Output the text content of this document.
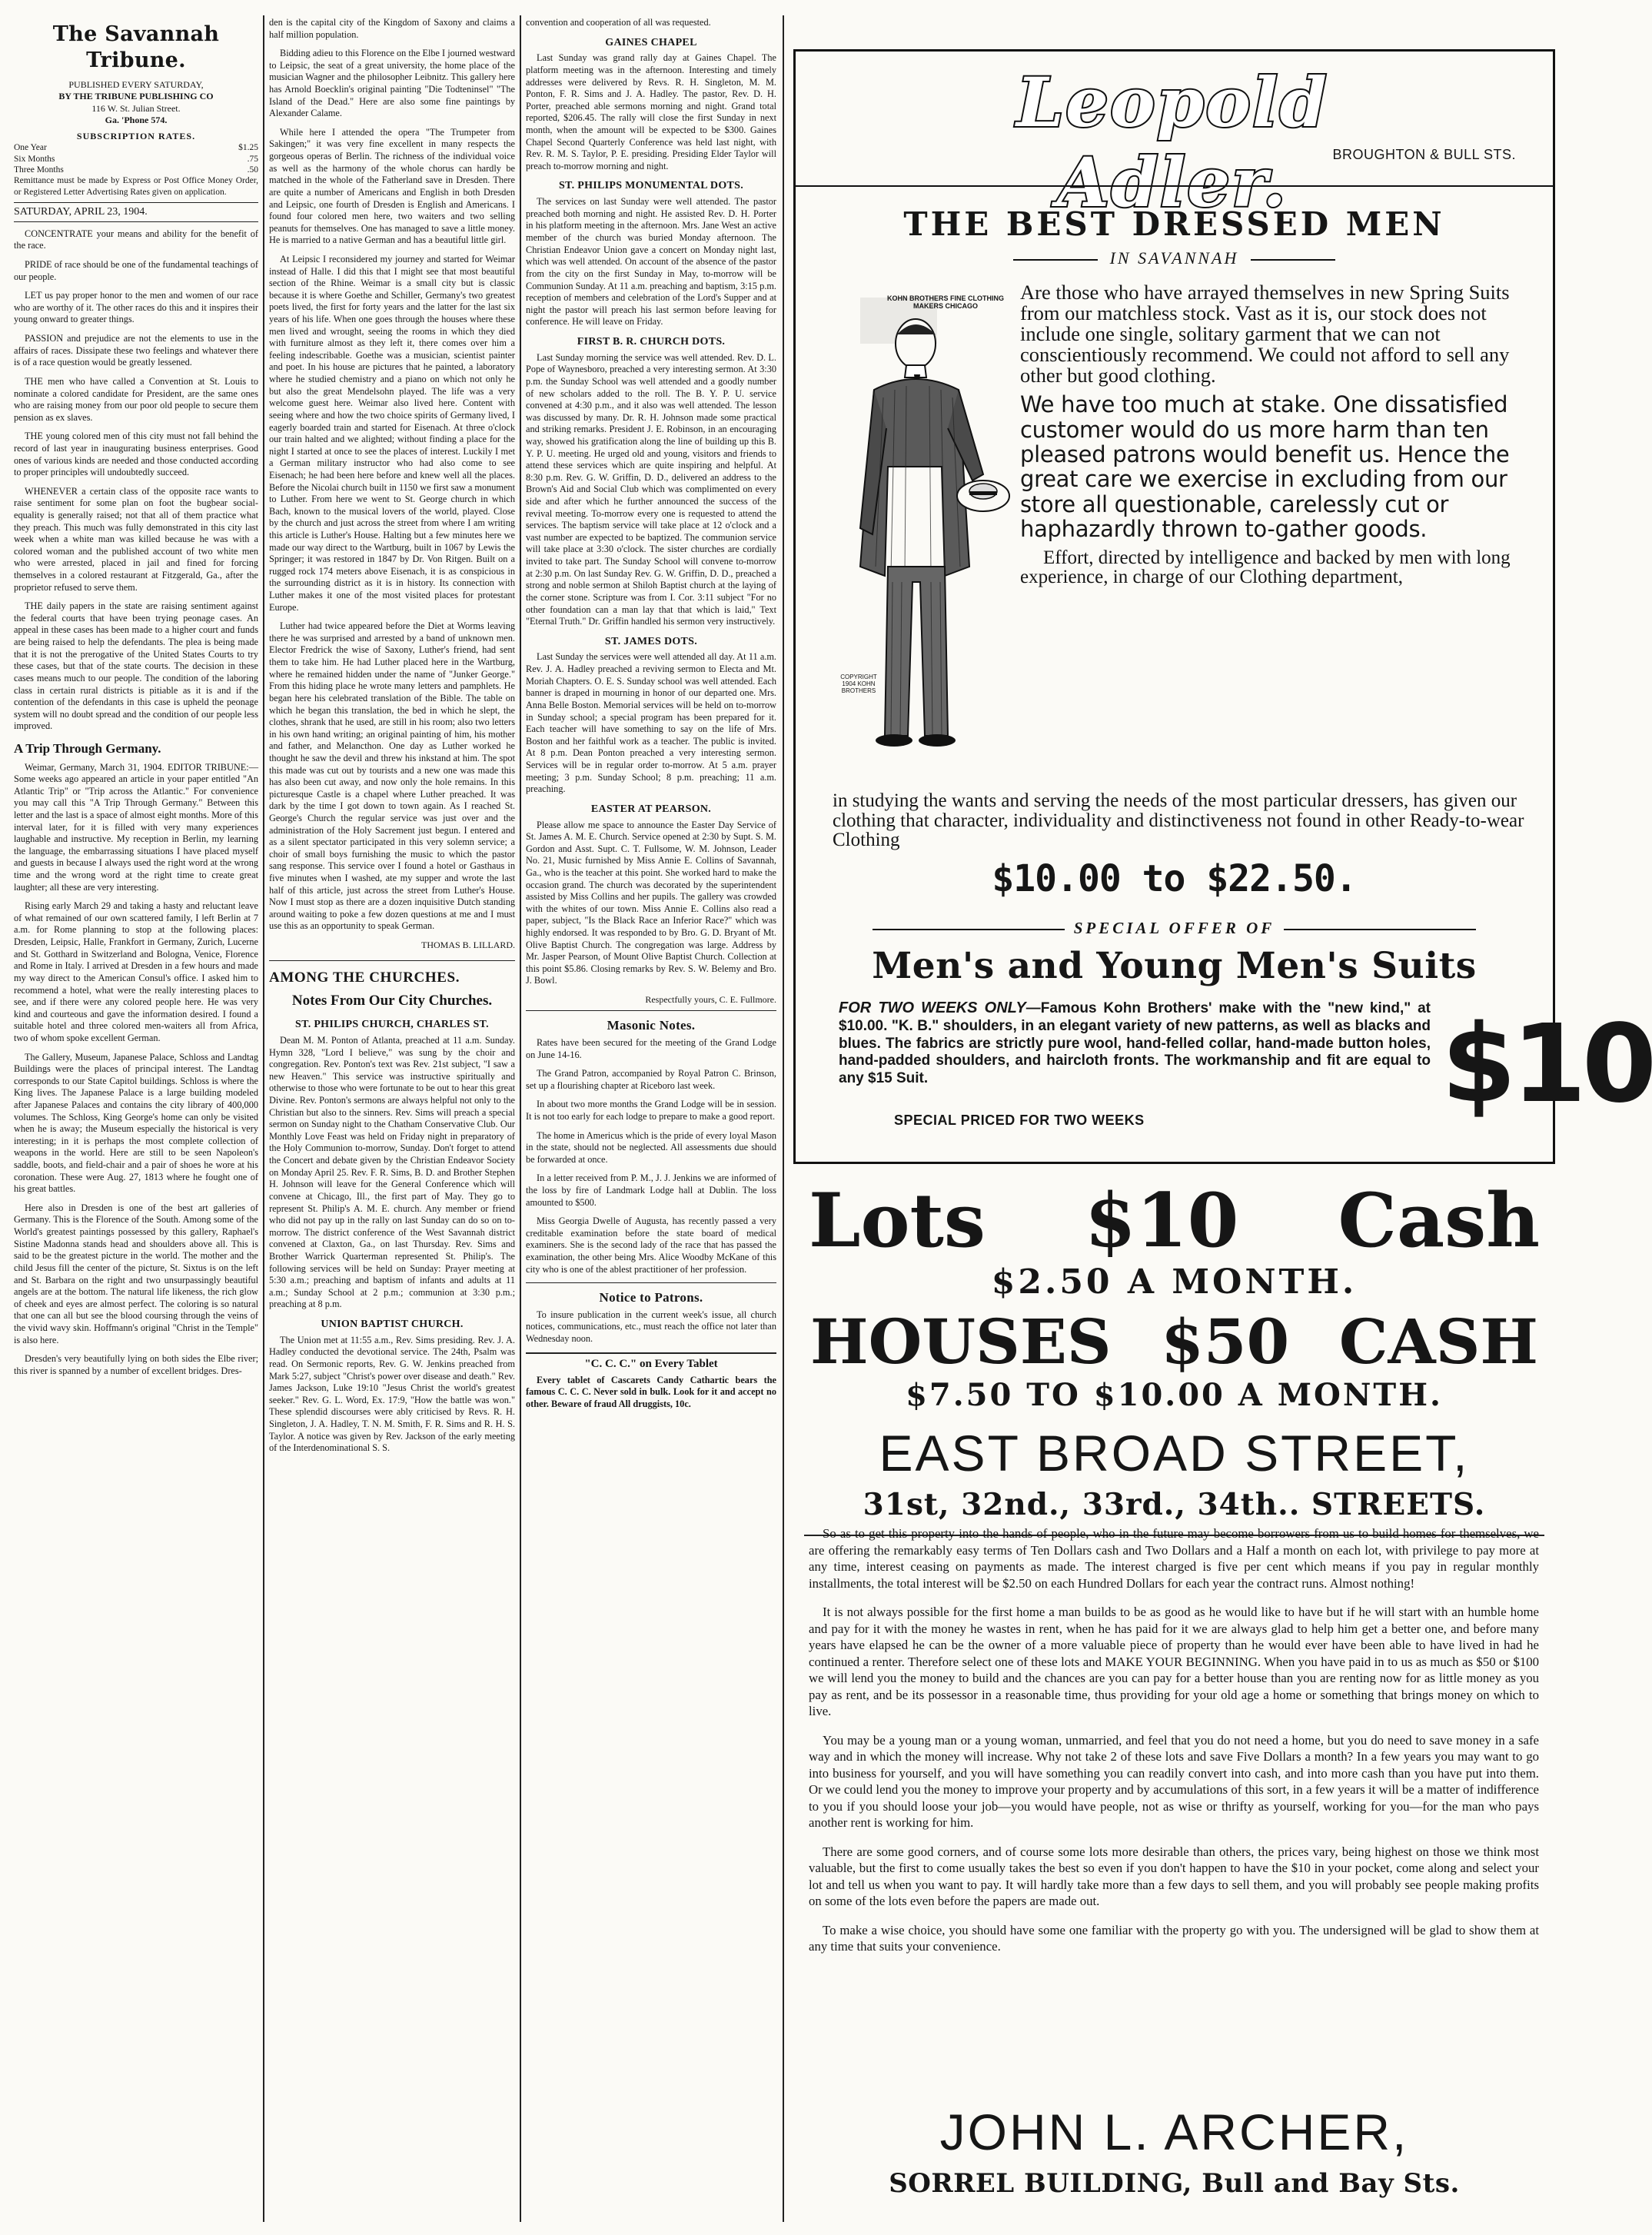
The Savannah Tribune.
PUBLISHED EVERY SATURDAY,
BY THE TRIBUNE PUBLISHING CO
116 W. St. Julian Street.
Ga. 'Phone 574.
SUBSCRIPTION RATES.
One Year	$1.25
Six Months	.75
Three Months	.50
Remittance must be made by Express or Post Office Money Order, or Registered Letter Advertising Rates given on application.
SATURDAY, APRIL 23, 1904.

CONCENTRATE your means and ability for the benefit of the race.

PRIDE of race should be one of the fundamental teachings of our people.

LET us pay proper honor to the men and women of our race who are worthy of it. The other races do this and it inspires their young onward to greater things.

PASSION and prejudice are not the elements to use in the affairs of races. Dissipate these two feelings and whatever there is of a race question would be greatly lessened.

THE men who have called a Convention at St. Louis to nominate a colored candidate for President, are the same ones who are raising money from our poor old people to secure them pension as ex slaves.

THE young colored men of this city must not fall behind the record of last year in inaugurating business enterprises. Good ones of various kinds are needed and those conducted according to proper principles will undoubtedly succeed.

WHENEVER a certain class of the opposite race wants to raise sentiment for some plan on foot the bugbear social-equality is generally raised; not that all of them practice what they preach. This much was fully demonstrated in this city last week when a white man was killed because he was with a colored woman and the published account of two white men who were arrested, placed in jail and fined for forcing themselves in a colored restaurant at Fitzgerald, Ga., after the proprietor refused to serve them.

THE daily papers in the state are raising sentiment against the federal courts that have been trying peonage cases. An appeal in these cases has been made to a higher court and funds are being raised to help the defendants. The plea is being made that it is not the prerogative of the United States Courts to try these cases, but that of the state courts. The decision in these cases means much to our people. The condition of the laboring class in certain rural districts is pitiable as it is and if the contention of the defendants in this case is upheld the peonage system will no doubt spread and the condition of our people less improved.

A Trip Through Germany.

Weimar, Germany, March 31, 1904. EDITOR TRIBUNE:—Some weeks ago appeared an article in your paper entitled "An Atlantic Trip" or "Trip across the Atlantic." For convenience you may call this "A Trip Through Germany." Between this letter and the last is a space of almost eight months. More of this interval later, for it is filled with very many experiences laughable and instructive. My reception in Berlin, my learning the language, the embarrassing situations I have placed myself and guests in because I always used the right word at the wrong time and the wrong word at the right time to create great laughter; all these are very interesting.

Rising early March 29 and taking a hasty and reluctant leave of what remained of our own scattered family, I left Berlin at 7 a.m. for Rome planning to stop at the following places: Dresden, Leipsic, Halle, Frankfort in Germany, Zurich, Lucerne and St. Gotthard in Switzerland and Bologna, Venice, Florence and Rome in Italy. I arrived at Dresden in a few hours and made my way direct to the American Consul's office. I asked him to recommend a hotel, what were the really interesting places to see, and if there were any colored people here. He was very kind and courteous and gave the information desired. I found a suitable hotel and three colored men-waiters all from Africa, two of whom spoke excellent German.

The Gallery, Museum, Japanese Palace, Schloss and Landtag Buildings were the places of principal interest. The Landtag corresponds to our State Capitol buildings. Schloss is where the King lives. The Japanese Palace is a large building modeled after Japanese Palaces and contains the city library of 400,000 volumes. The Schloss, King George's home can only be visited when he is away; the Museum especially the historical is very interesting; in it is perhaps the most complete collection of weapons in the world. Here are still to be seen Napoleon's saddle, boots, and field-chair and a pair of shoes he wore at his coronation. These were Aug. 27, 1813 where he fought one of his great battles.

Here also in Dresden is one of the best art galleries of Germany. This is the Florence of the South. Among some of the World's greatest paintings possessed by this gallery, Raphael's Sistine Madonna stands head and shoulders above all. This is said to be the greatest picture in the world. The mother and the child Jesus fill the center of the picture, St. Sixtus is on the left and St. Barbara on the right and two unsurpassingly beautiful angels are at the bottom. The natural life likeness, the rich glow of cheek and eyes are almost perfect. The coloring is so natural that one can all but see the blood coursing through the veins of the vivid wavy skin. Hoffmann's original "Christ in the Temple" is also here.

Dresden's very beautifully lying on both sides the Elbe river; this river is spanned by a number of excellent bridges. Dres-

den is the capital city of the Kingdom of Saxony and claims a half million population.

Bidding adieu to this Florence on the Elbe I journed westward to Leipsic, the seat of a great university, the home place of the musician Wagner and the philosopher Leibnitz. This gallery here has Arnold Boecklin's original painting "Die Todteninsel" "The Island of the Dead." Here are also some fine paintings by Alexander Calame.

While here I attended the opera "The Trumpeter from Sakingen;" it was very fine excellent in many respects the gorgeous operas of Berlin. The richness of the individual voice as well as the harmony of the whole chorus can hardly be matched in the whole of the Fatherland save in Dresden. There are quite a number of Americans and English in both Dresden and Leipsic, one fourth of Dresden is English and Americans. I found four colored men here, two waiters and two selling peanuts for themselves. One has managed to save a little money. He is married to a native German and has a beautiful little girl.

At Leipsic I reconsidered my journey and started for Weimar instead of Halle. I did this that I might see that most beautiful section of the Rhine. Weimar is a small city but is classic because it is where Goethe and Schiller, Germany's two greatest poets lived, the first for forty years and the latter for the last six years of his life. When one goes through the houses where these men lived and wrought, seeing the rooms in which they died with furniture almost as they left it, there comes over him a feeling indescribable. Goethe was a musician, scientist painter and poet. In his house are pictures that he painted, a laboratory where he studied chemistry and a piano on which not only he but also the great Mendelsohn played. The life was a very welcome guest here. Weimar also lived here. Content with seeing where and how the two choice spirits of Germany lived, I eagerly boarded train and started for Eisenach. At three o'clock our train halted and we alighted; without finding a place for the night I started at once to see the places of interest. Luckily I met a German military instructor who had also come to see Eisenach; he had been here before and knew well all the places. Before the Nicolai church built in 1150 we first saw a monument to Luther. From here we went to St. George church in which Bach, known to the musical lovers of the world, played. Close by the church and just across the street from where I am writing this article is Luther's House. Halting but a few minutes here we made our way direct to the Wartburg, built in 1067 by Lewis the Springer; it was restored in 1847 by Dr. Von Ritgen. Built on a rugged rock 174 meters above Eisenach, it is as conspicious in the surrounding district as it is in history. Its connection with Luther makes it one of the most visited places for protestant Europe.

Luther had twice appeared before the Diet at Worms leaving there he was surprised and arrested by a band of unknown men. Elector Fredrick the wise of Saxony, Luther's friend, had sent them to take him. He had Luther placed here in the Wartburg, where he remained hidden under the name of "Junker George." From this hiding place he wrote many letters and pamphlets. He began here his celebrated translation of the Bible. The table on which he began this translation, the bed in which he slept, the clothes, shrank that he used, are still in his room; also two letters in his own hand writing; an original painting of him, his mother and father, and Melancthon. One day as Luther worked he thought he saw the devil and threw his inkstand at him. The spot this made was cut out by tourists and a new one was made this has also been cut away, and now only the hole remains. In this picturesque Castle is a chapel where Luther preached. It was dark by the time I got down to town again. As I reached St. George's Church the regular service was just over and the administration of the Holy Sacrement just begun. I entered and as a silent spectator participated in this very solemn service; a choir of small boys furnishing the music to which the pastor sang response. This service over I found a hotel or Gasthaus in five minutes when I washed, ate my supper and wrote the last half of this article, just across the street from Luther's House. Now I must stop as there are a dozen inquisitive Dutch standing around waiting to poke a few dozen questions at me and I must use this as an opportunity to speak German.

THOMAS B. LILLARD.
AMONG THE CHURCHES.
Notes From Our City Churches.
ST. PHILIPS CHURCH, CHARLES ST.

Dean M. M. Ponton of Atlanta, preached at 11 a.m. Sunday. Hymn 328, "Lord I believe," was sung by the choir and congregation. Rev. Ponton's text was Rev. 21st subject, "I saw a new Heaven." This service was instructive spiritually and otherwise to those who were fortunate to be out to hear this great Divine. Rev. Ponton's sermons are always helpful not only to the Christian but also to the sinners. Rev. Sims will preach a special sermon on Sunday night to the Chatham Conservative Club. Our Monthly Love Feast was held on Friday night in preparatory of the Holy Communion to-morrow, Sunday. Don't forget to attend the Concert and debate given by the Christian Endeavor Society on Monday April 25. Rev. F. R. Sims, B. D. and Brother Stephen H. Johnson will leave for the General Conference which will convene at Chicago, Ill., the first part of May. They go to represent St. Philip's A. M. E. church. Any member or friend who did not pay up in the rally on last Sunday can do so on to-morrow. The district conference of the West Savannah district convened at Claxton, Ga., on last Thursday. Rev. Sims and Brother Warrick Quarterman represented St. Philip's. The following services will be held on Sunday: Prayer meeting at 5:30 a.m.; preaching and baptism of infants and adults at 11 a.m.; Sunday School at 2 p.m.; communion at 3:30 p.m.; preaching at 8 p.m.

UNION BAPTIST CHURCH.

The Union met at 11:55 a.m., Rev. Sims presiding. Rev. J. A. Hadley conducted the devotional service. The 24th, Psalm was read. On Sermonic reports, Rev. G. W. Jenkins preached from Mark 5:27, subject "Christ's power over disease and death." Rev. James Jackson, Luke 19:10 "Jesus Christ the world's greatest seeker." Rev. G. L. Word, Ex. 17:9, "How the battle was won." These splendid discourses were ably criticised by Revs. R. H. Singleton, J. A. Hadley, T. N. M. Smith, F. R. Sims and R. H. S. Taylor. A notice was given by Rev. Jackson of the early meeting of the Interdenominational S. S.

convention and cooperation of all was requested.

GAINES CHAPEL

Last Sunday was grand rally day at Gaines Chapel. The platform meeting was in the afternoon. Interesting and timely addresses were delivered by Revs. R. H. Singleton, M. M. Ponton, F. R. Sims and J. A. Hadley. The pastor, Rev. D. H. Porter, preached able sermons morning and night. Grand total reported, $206.45. The rally will close the first Sunday in next month, when the amount will be expected to be $300. Gaines Chapel Second Quarterly Conference was held last night, with Rev. R. M. S. Taylor, P. E. presiding. Presiding Elder Taylor will preach to-morrow morning and night.

ST. PHILIPS MONUMENTAL DOTS.

The services on last Sunday were well attended. The pastor preached both morning and night. He assisted Rev. D. H. Porter in his platform meeting in the afternoon. Mrs. Jane West an active member of the church was buried Monday afternoon. The Christian Endeavor Union gave a concert on Monday night last, which was well attended. On account of the absence of the pastor from the city on the first Sunday in May, to-morrow will be Communion Sunday. At 11 a.m. preaching and baptism, 3:15 p.m. reception of members and celebration of the Lord's Supper and at night the pastor will preach his last sermon before leaving for conference. He will leave on Friday.

FIRST B. R. CHURCH DOTS.

Last Sunday morning the service was well attended. Rev. D. L. Pope of Waynesboro, preached a very interesting sermon. At 3:30 p.m. the Sunday School was well attended and a goodly number of new scholars added to the roll. The B. Y. P. U. service convened at 4:30 p.m., and it also was well attended. The lesson was discussed by many. Dr. R. H. Johnson made some practical and striking remarks. President J. E. Robinson, in an encouraging way, showed his gratification along the line of building up this B. Y. P. U. meeting. He urged old and young, visitors and friends to attend these services which are quite inspiring and helpful. At 8:30 p.m. Rev. G. W. Griffin, D. D., delivered an address to the Brown's Aid and Social Club which was complimented on every side and after which he further announced the success of the revival meeting. To-morrow every one is requested to attend the services. The baptism service will take place at 12 o'clock and a vast number are expected to be baptized. The communion service will take place at 3:30 o'clock. The sister churches are cordially invited to take part. The Sunday School will convene to-morrow at 2:30 p.m. On last Sunday Rev. G. W. Griffin, D. D., preached a strong and noble sermon at Shiloh Baptist church at the laying of the corner stone. Scripture was from I. Cor. 3:11 subject "For no other foundation can a man lay that that which is laid," Text "Eternal Truth." Dr. Griffin handled his sermon very instructively.

ST. JAMES DOTS.

Last Sunday the services were well attended all day. At 11 a.m. Rev. J. A. Hadley preached a reviving sermon to Electa and Mt. Moriah Chapters. O. E. S. Sunday school was well attended. Each banner is draped in mourning in honor of our departed one. Mrs. Anna Belle Boston. Memorial services will be held on to-morrow in Sunday school; a special program has been prepared for it. Each teacher will have something to say on the life of Mrs. Boston and her faithful work as a teacher. The public is invited. At 8 p.m. Dean Ponton preached a very interesting sermon. Services will be in regular order to-morrow. At 5 a.m. prayer meeting; 3 p.m. Sunday School; 8 p.m. preaching; 11 a.m. preaching.

EASTER AT PEARSON.

Please allow me space to announce the Easter Day Service of St. James A. M. E. Church. Service opened at 2:30 by Supt. S. M. Gordon and Asst. Supt. C. T. Fullsome, W. M. Johnson, Leader No. 21, Music furnished by Miss Annie E. Collins of Savannah, Ga., who is the teacher at this point. She worked hard to make the occasion grand. The church was decorated by the superintendent assisted by Miss Collins and her pupils. The gallery was crowded with the whites of our town. Miss Annie E. Collins also read a paper, subject, "Is the Black Race an Inferior Race?" which was highly endorsed. It was responded to by Bro. G. D. Bryant of Mt. Olive Baptist Church. The congregation was large. Address by Mr. Jasper Pearson, of Mount Olive Baptist Church. Collection at this point $5.86. Closing remarks by Rev. S. W. Belemy and Bro. J. Bowl.

Respectfully yours, C. E. Fullmore.
Masonic Notes.

Rates have been secured for the meeting of the Grand Lodge on June 14-16.

The Grand Patron, accompanied by Royal Patron C. Brinson, set up a flourishing chapter at Riceboro last week.

In about two more months the Grand Lodge will be in session. It is not too early for each lodge to prepare to make a good report.

The home in Americus which is the pride of every loyal Mason in the state, should not be neglected. All assessments due should be forwarded at once.

In a letter received from P. M., J. J. Jenkins we are informed of the loss by fire of Landmark Lodge hall at Dublin. The loss amounted to $500.

Miss Georgia Dwelle of Augusta, has recently passed a very creditable examination before the state board of medical examiners. She is the second lady of the race that has passed the examination, the other being Mrs. Alice Woodby McKane of this city who is one of the ablest practitioner of her profession.

Notice to Patrons.

To insure publication in the current week's issue, all church notices, communications, etc., must reach the office not later than Wednesday noon.

"C. C. C." on Every Tablet

Every tablet of Cascarets Candy Cathartic bears the famous C. C. C. Never sold in bulk. Look for it and accept no other. Beware of fraud All druggists, 10c.

Leopold Adler.	BROUGHTON & BULL STS.
THE BEST DRESSED MEN
IN SAVANNAH
KOHN BROTHERS FINE CLOTHING MAKERS CHICAGO
COPYRIGHT 1904 KOHN BROTHERS

Are those who have arrayed themselves in new Spring Suits from our matchless stock. Vast as it is, our stock does not include one single, solitary garment that we can not conscientiously recommend. We could not afford to sell any other but good clothing.

We have too much at stake. One dissatisfied customer would do us more harm than ten pleased patrons would benefit us. Hence the great care we exercise in excluding from our store all questionable, carelessly cut or haphazardly thrown to-gather goods.

Effort, directed by intelligence and backed by men with long experience, in charge of our Clothing department,

in studying the wants and serving the needs of the most particular dressers, has given our clothing that character, individuality and distinctiveness not found in other Ready-to-wear Clothing
$10.00 to $22.50.
SPECIAL OFFER OF
Men's and Young Men's Suits
FOR TWO WEEKS ONLY—Famous Kohn Brothers' make with the "new kind," at $10.00. "K. B." shoulders, in an elegant variety of new patterns, as well as blacks and blues. The fabrics are strictly pure wool, hand-felled collar, hand-made button holes, hand-padded shoulders, and haircloth fronts. The workmanship and fit are equal to any $15 Suit.
SPECIAL PRICED FOR TWO WEEKS	$10
Lots $10 Cash
$2.50 A MONTH.
HOUSES $50 CASH
$7.50 TO $10.00 A MONTH.
EAST BROAD STREET,
31st, 32nd., 33rd., 34th.. STREETS.

So as to get this property into the hands of people, who in the future may become borrowers from us to build homes for themselves, we are offering the remarkably easy terms of Ten Dollars cash and Two Dollars and a Half a month on each lot, with privilege to pay more at any time, interest ceasing on payments as made. The interest charged is five per cent which means if you pay in regular monthly installments, the total interest will be $2.50 on each Hundred Dollars for each year the contract runs. Almost nothing!

It is not always possible for the first home a man builds to be as good as he would like to have but if he will start with an humble home and pay for it with the money he wastes in rent, when he has paid for it we are always glad to help him get a better one, and before many years have elapsed he can be the owner of a more valuable piece of property than he would ever have been able to have lived in had he continued a renter. Therefore select one of these lots and MAKE YOUR BEGINNING. When you have paid in to us as much as $50 or $100 we will lend you the money to build and the chances are you can pay for a better house than you are renting now for as little money as you pay as rent, and be its possessor in a reasonable time, thus providing for your old age a home or something that brings money on which to live.

You may be a young man or a young woman, unmarried, and feel that you do not need a home, but you do need to save money in a safe way and in which the money will increase. Why not take 2 of these lots and save Five Dollars a month? In a few years you may want to go into business for yourself, and you will have something you can readily convert into cash, and into more cash than you have put into them. Or we could lend you the money to improve your property and by accumulations of this sort, in a few years it will be a matter of indifference to you if you should loose your job—you would have people, not as wise or thrifty as yourself, working for you—for the man who pays another rent is working for him.

There are some good corners, and of course some lots more desirable than others, the prices vary, being highest on those we think most valuable, but the first to come usually takes the best so even if you don't happen to have the $10 in your pocket, come along and select your lot and tell us when you want to pay. It will hardly take more than a few days to sell them, and you will probably see people making profits on some of the lots even before the papers are made out.

To make a wise choice, you should have some one familiar with the property go with you. The undersigned will be glad to show them at any time that suits your convenience.

JOHN L. ARCHER,
SORREL BUILDING, Bull and Bay Sts.
